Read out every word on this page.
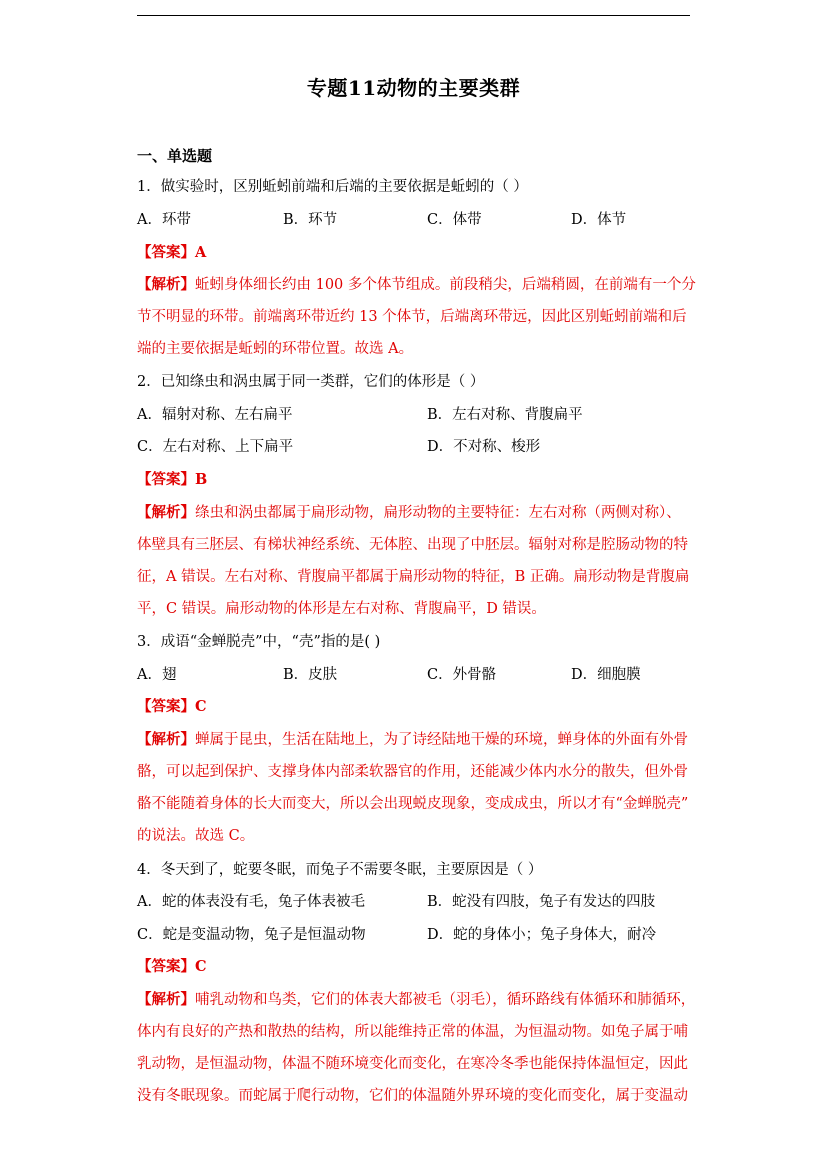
专题11动物的主要类群
一、单选题
1．做实验时，区别蚯蚓前端和后端的主要依据是蚯蚓的（ ）
A．环带	B．环节	C．体带	D．体节
【答案】A
【解析】蚯蚓身体细长约由 100 多个体节组成。前段稍尖，后端稍圆，在前端有一个分
节不明显的环带。前端离环带近约 13 个体节，后端离环带远，因此区别蚯蚓前端和后
端的主要依据是蚯蚓的环带位置。故选 A。
2．已知绦虫和涡虫属于同一类群，它们的体形是（ ）
A．辐射对称、左右扁平	B．左右对称、背腹扁平
C．左右对称、上下扁平	D．不对称、梭形
【答案】B
【解析】绦虫和涡虫都属于扁形动物，扁形动物的主要特征：左右对称（两侧对称）、
体壁具有三胚层、有梯状神经系统、无体腔、出现了中胚层。辐射对称是腔肠动物的特
征，A 错误。左右对称、背腹扁平都属于扁形动物的特征，B 正确。扁形动物是背腹扁
平，C 错误。扁形动物的体形是左右对称、背腹扁平，D 错误。
3．成语“金蝉脱壳”中，“壳”指的是( )
A．翅	B．皮肤	C．外骨骼	D．细胞膜
【答案】C
【解析】蝉属于昆虫，生活在陆地上，为了诗经陆地干燥的环境，蝉身体的外面有外骨
骼，可以起到保护、支撑身体内部柔软器官的作用，还能减少体内水分的散失，但外骨
骼不能随着身体的长大而变大，所以会出现蜕皮现象，变成成虫，所以才有“金蝉脱壳”
的说法。故选 C。
4．冬天到了，蛇要冬眠，而兔子不需要冬眠，主要原因是（ ）
A．蛇的体表没有毛，兔子体表被毛	B．蛇没有四肢，兔子有发达的四肢
C．蛇是变温动物，兔子是恒温动物	D．蛇的身体小；兔子身体大，耐冷
【答案】C
【解析】哺乳动物和鸟类，它们的体表大都被毛（羽毛），循环路线有体循环和肺循环，
体内有良好的产热和散热的结构，所以能维持正常的体温，为恒温动物。如兔子属于哺
乳动物，是恒温动物，体温不随环境变化而变化，在寒冷冬季也能保持体温恒定，因此
没有冬眠现象。而蛇属于爬行动物，它们的体温随外界环境的变化而变化，属于变温动
